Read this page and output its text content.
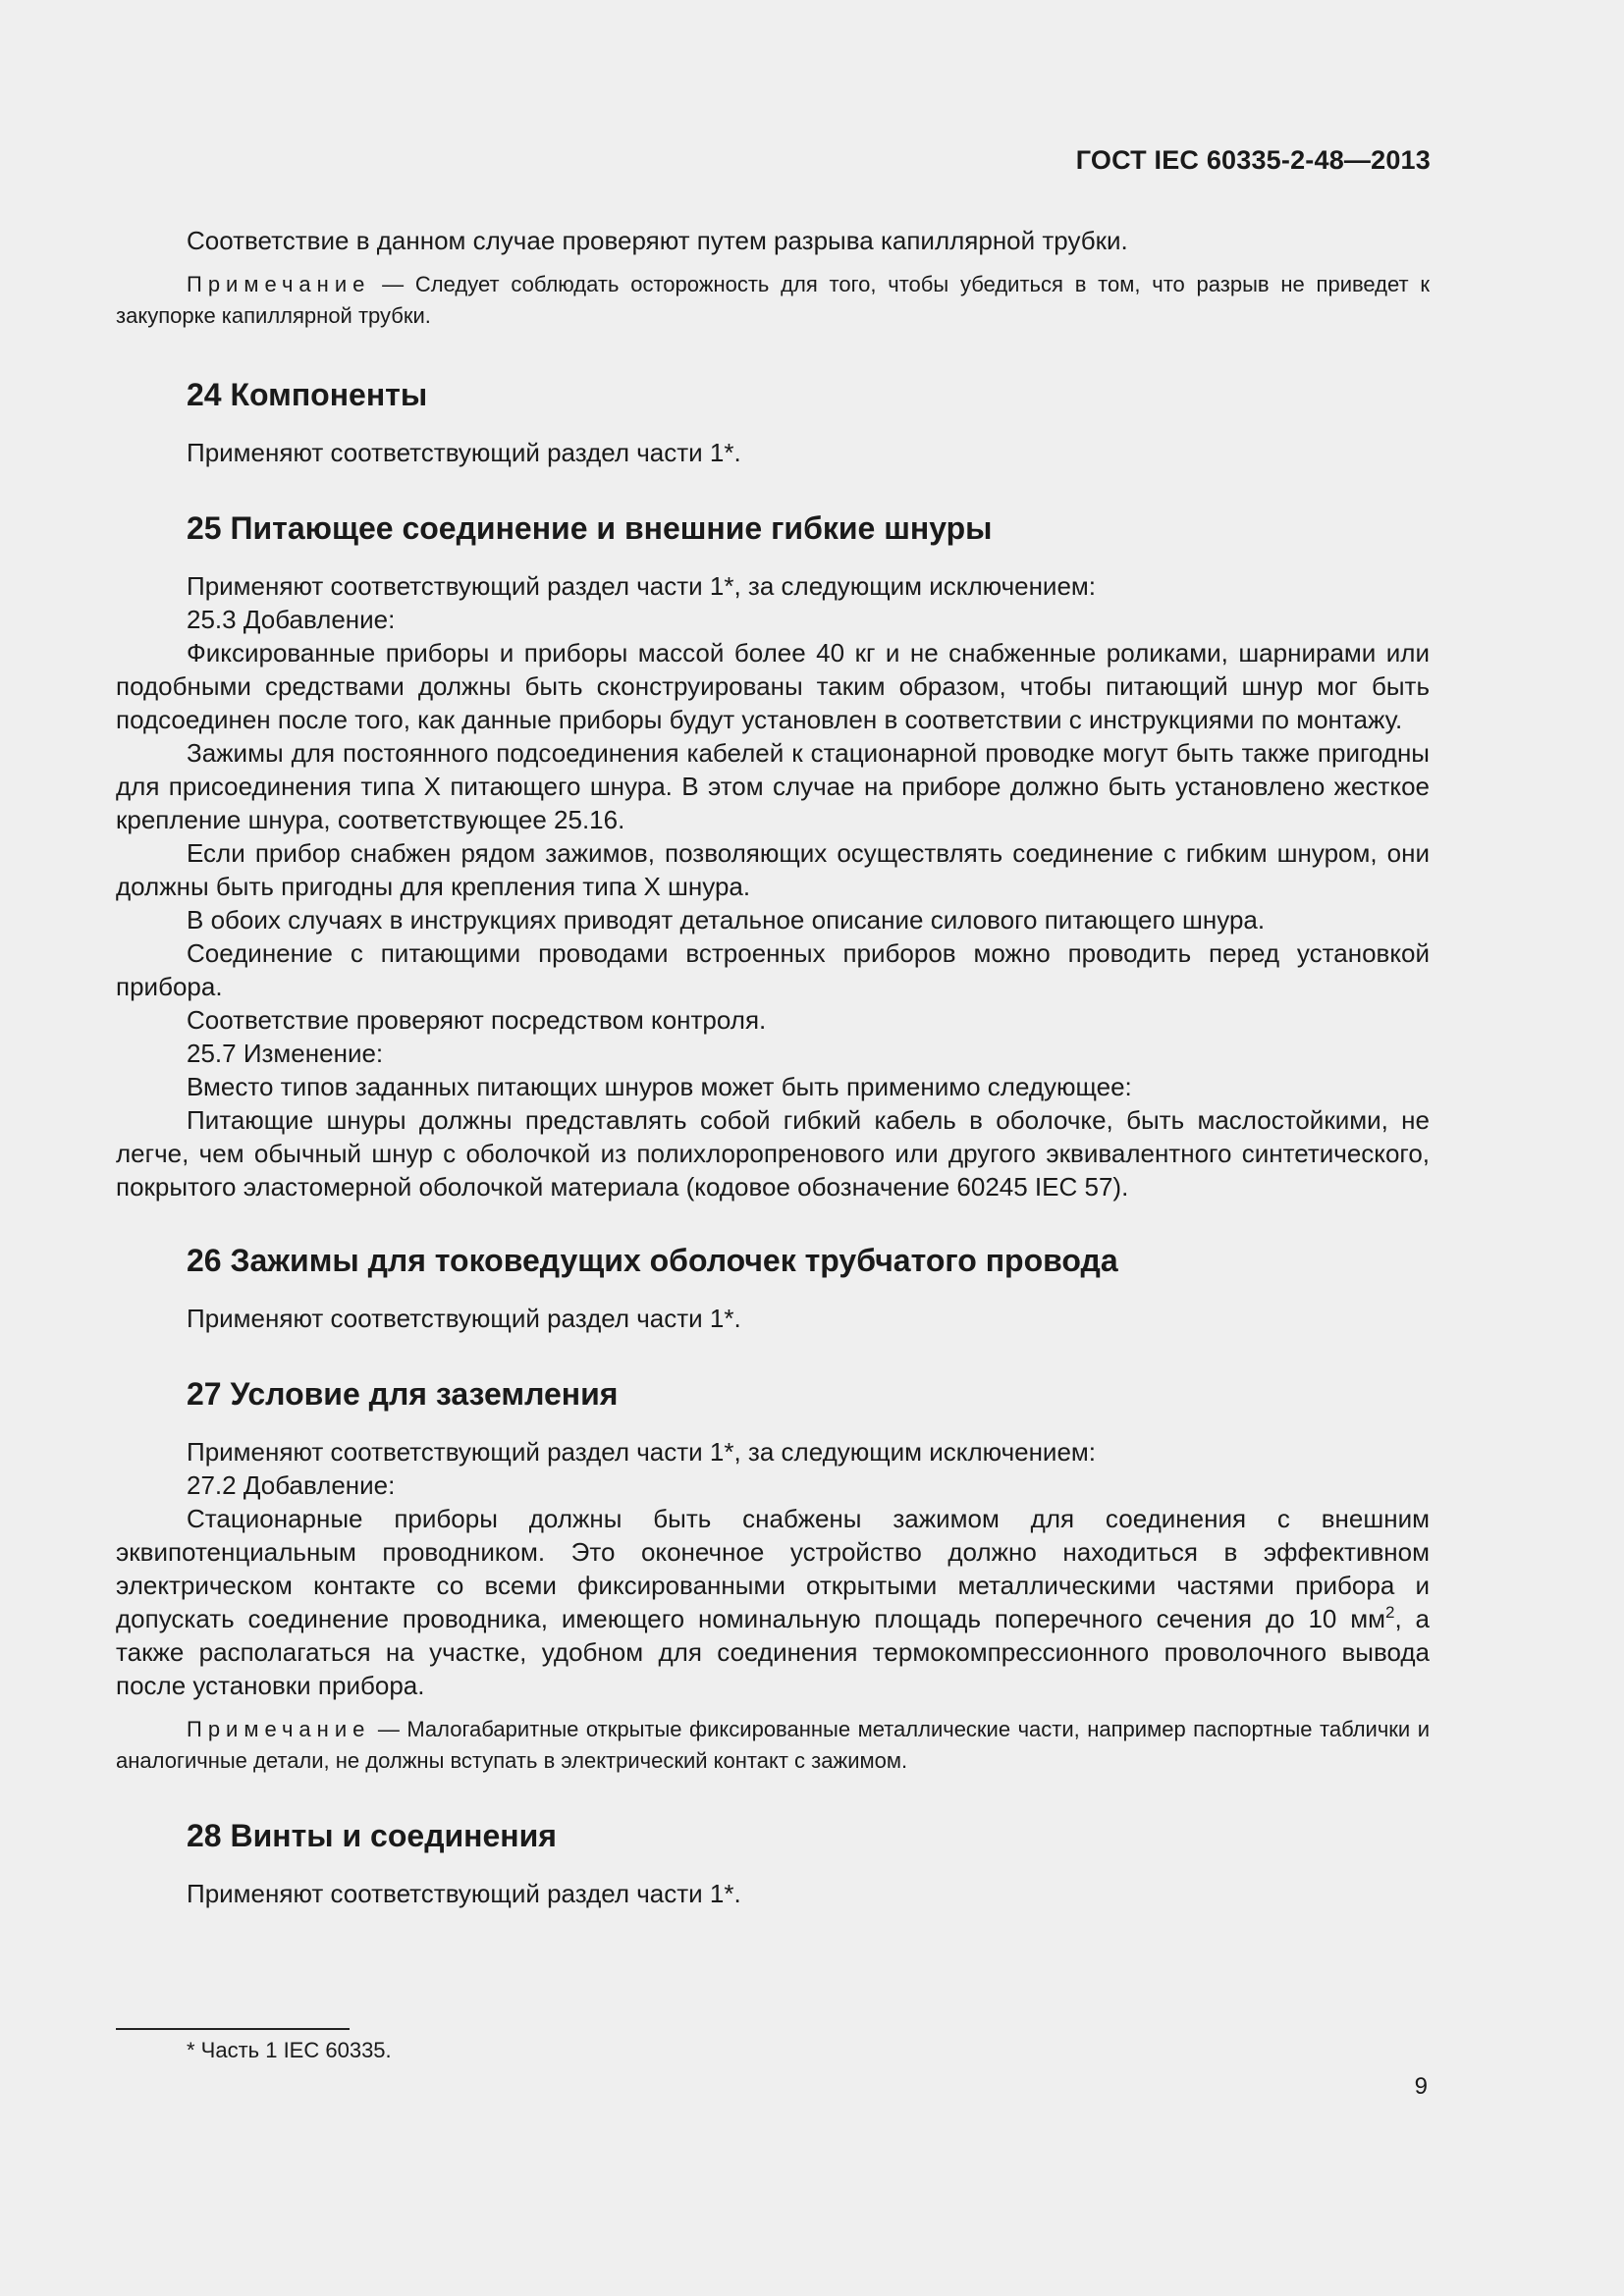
ГОСТ IEC 60335-2-48—2013

Соответствие в данном случае проверяют путем разрыва капиллярной трубки.

Примечание — Следует соблюдать осторожность для того, чтобы убедиться в том, что разрыв не приведет к закупорке капиллярной трубки.

24 Компоненты

Применяют соответствующий раздел части 1*.

25 Питающее соединение и внешние гибкие шнуры

Применяют соответствующий раздел части 1*, за следующим исключением:

25.3 Добавление:

Фиксированные приборы и приборы массой более 40 кг и не снабженные роликами, шарнирами или подобными средствами должны быть сконструированы таким образом, чтобы питающий шнур мог быть подсоединен после того, как данные приборы будут установлен в соответствии с инструкциями по монтажу.

Зажимы для постоянного подсоединения кабелей к стационарной проводке могут быть также пригодны для присоединения типа X питающего шнура. В этом случае на приборе должно быть установлено жесткое крепление шнура, соответствующее 25.16.

Если прибор снабжен рядом зажимов, позволяющих осуществлять соединение с гибким шнуром, они должны быть пригодны для крепления типа X шнура.

В обоих случаях в инструкциях приводят детальное описание силового питающего шнура.

Соединение с питающими проводами встроенных приборов можно проводить перед установкой прибора.

Соответствие проверяют посредством контроля.

25.7 Изменение:

Вместо типов заданных питающих шнуров может быть применимо следующее:

Питающие шнуры должны представлять собой гибкий кабель в оболочке, быть маслостойкими, не легче, чем обычный шнур с оболочкой из полихлоропренового или другого эквивалентного синтетического, покрытого эластомерной оболочкой материала (кодовое обозначение 60245 IEC 57).

26 Зажимы для токоведущих оболочек трубчатого провода

Применяют соответствующий раздел части 1*.

27 Условие для заземления

Применяют соответствующий раздел части 1*, за следующим исключением:

27.2 Добавление:

Стационарные приборы должны быть снабжены зажимом для соединения с внешним эквипотенциальным проводником. Это оконечное устройство должно находиться в эффективном электрическом контакте со всеми фиксированными открытыми металлическими частями прибора и допускать соединение проводника, имеющего номинальную площадь поперечного сечения до 10 $мм^2$, а также располагаться на участке, удобном для соединения термокомпрессионного проволочного вывода после установки прибора.

Примечание — Малогабаритные открытые фиксированные металлические части, например паспортные таблички и аналогичные детали, не должны вступать в электрический контакт с зажимом.

28 Винты и соединения

Применяют соответствующий раздел части 1*.

* Часть 1 IEC 60335.
9
